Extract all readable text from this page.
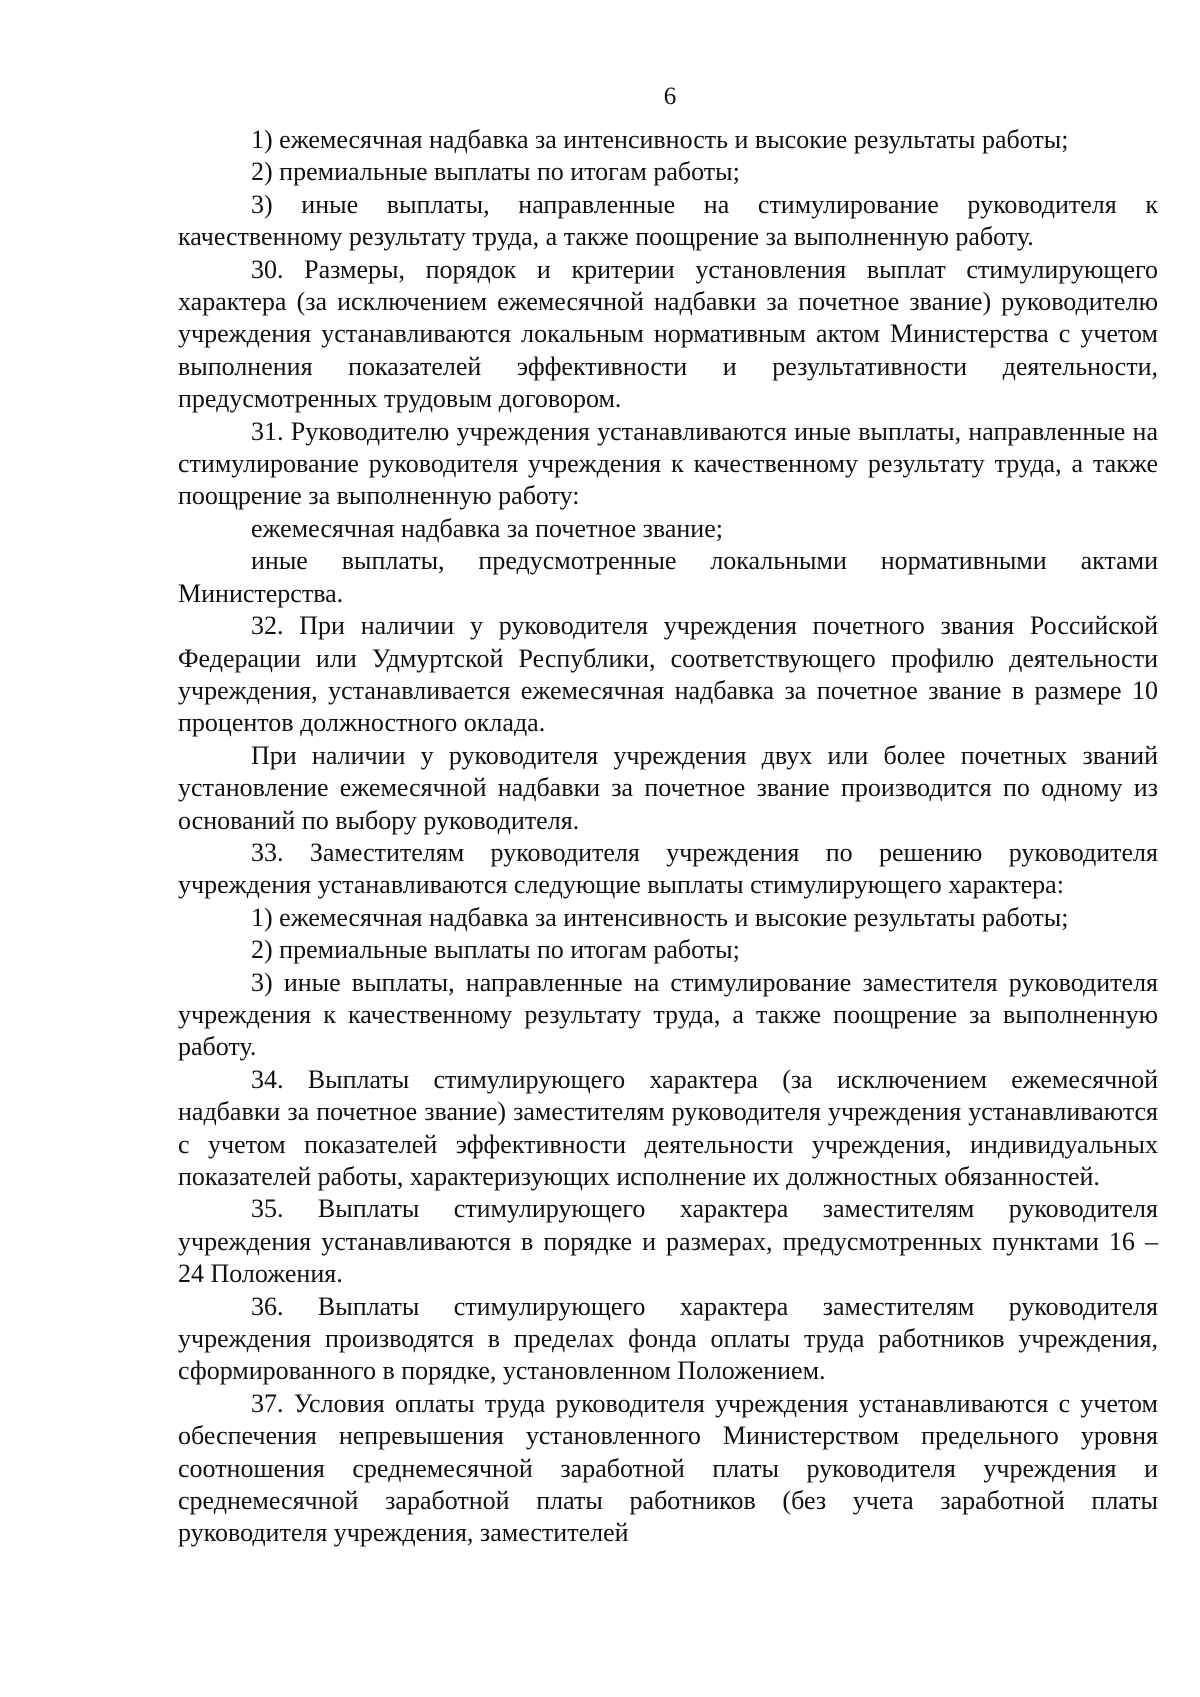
6

1) ежемесячная надбавка за интенсивность и высокие результаты работы;

2) премиальные выплаты по итогам работы;

3) иные выплаты, направленные на стимулирование руководителя к качественному результату труда, а также поощрение за выполненную работу.

30. Размеры, порядок и критерии установления выплат стимулирующего характера (за исключением ежемесячной надбавки за почетное звание) руководителю учреждения устанавливаются локальным нормативным актом Министерства с учетом выполнения показателей эффективности и результативности деятельности, предусмотренных трудовым договором.

31. Руководителю учреждения устанавливаются иные выплаты, направленные на стимулирование руководителя учреждения к качественному результату труда, а также поощрение за выполненную работу:

ежемесячная надбавка за почетное звание;

иные выплаты, предусмотренные локальными нормативными актами Министерства.

32. При наличии у руководителя учреждения почетного звания Российской Федерации или Удмуртской Республики, соответствующего профилю деятельности учреждения, устанавливается ежемесячная надбавка за почетное звание в размере 10 процентов должностного оклада.

При наличии у руководителя учреждения двух или более почетных званий установление ежемесячной надбавки за почетное звание производится по одному из оснований по выбору руководителя.

33. Заместителям руководителя учреждения по решению руководителя учреждения устанавливаются следующие выплаты стимулирующего характера:

1) ежемесячная надбавка за интенсивность и высокие результаты работы;

2) премиальные выплаты по итогам работы;

3) иные выплаты, направленные на стимулирование заместителя руководителя учреждения к качественному результату труда, а также поощрение за выполненную работу.

34. Выплаты стимулирующего характера (за исключением ежемесячной надбавки за почетное звание) заместителям руководителя учреждения устанавливаются с учетом показателей эффективности деятельности учреждения, индивидуальных показателей работы, характеризующих исполнение их должностных обязанностей.

35. Выплаты стимулирующего характера заместителям руководителя учреждения устанавливаются в порядке и размерах, предусмотренных пунктами 16 – 24 Положения.

36. Выплаты стимулирующего характера заместителям руководителя учреждения производятся в пределах фонда оплаты труда работников учреждения, сформированного в порядке, установленном Положением.

37. Условия оплаты труда руководителя учреждения устанавливаются с учетом обеспечения непревышения установленного Министерством предельного уровня соотношения среднемесячной заработной платы руководителя учреждения и среднемесячной заработной платы работников (без учета заработной платы руководителя учреждения, заместителей
